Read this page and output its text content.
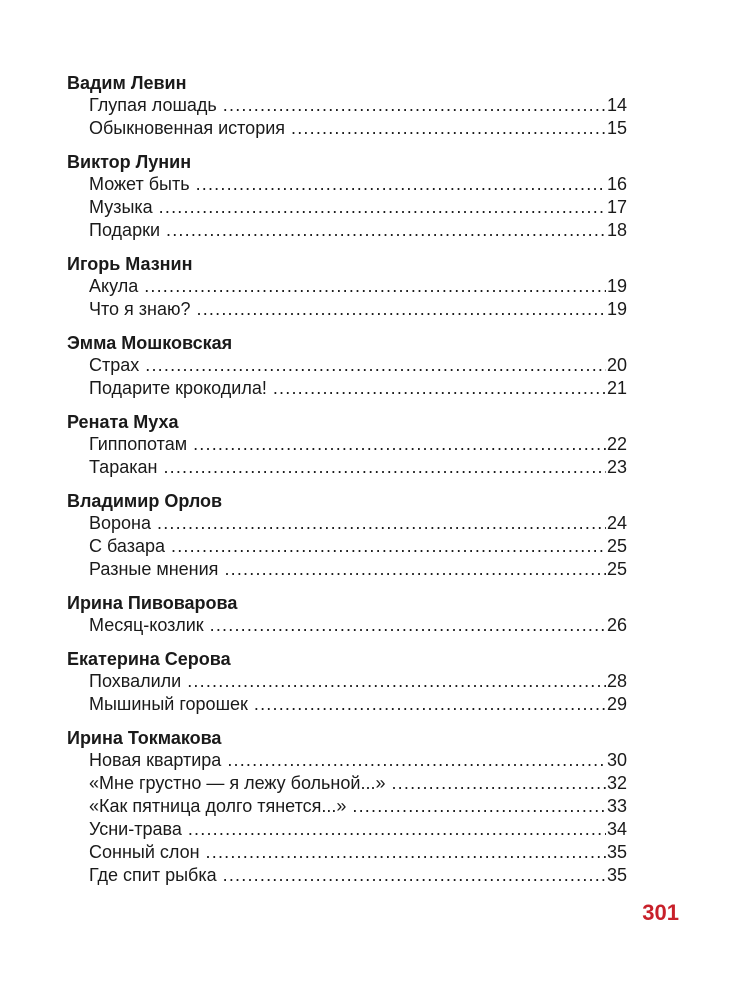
Вадим Левин
Глупая лошадь .....	14
Обыкновенная история .....	15
Виктор Лунин
Может быть .....	16
Музыка .....	17
Подарки .....	18
Игорь Мазнин
Акула .....	19
Что я знаю? .....	19
Эмма Мошковская
Страх .....	20
Подарите крокодила! .....	21
Рената Муха
Гиппопотам .....	22
Таракан .....	23
Владимир Орлов
Ворона .....	24
С базара .....	25
Разные мнения .....	25
Ирина Пивоварова
Месяц-козлик .....	26
Екатерина Серова
Похвалили .....	28
Мышиный горошек .....	29
Ирина Токмакова
Новая квартира .....	30
«Мне грустно — я лежу больной...» .....	32
«Как пятница долго тянется...» .....	33
Усни-трава .....	34
Сонный слон .....	35
Где спит рыбка .....	35
301
